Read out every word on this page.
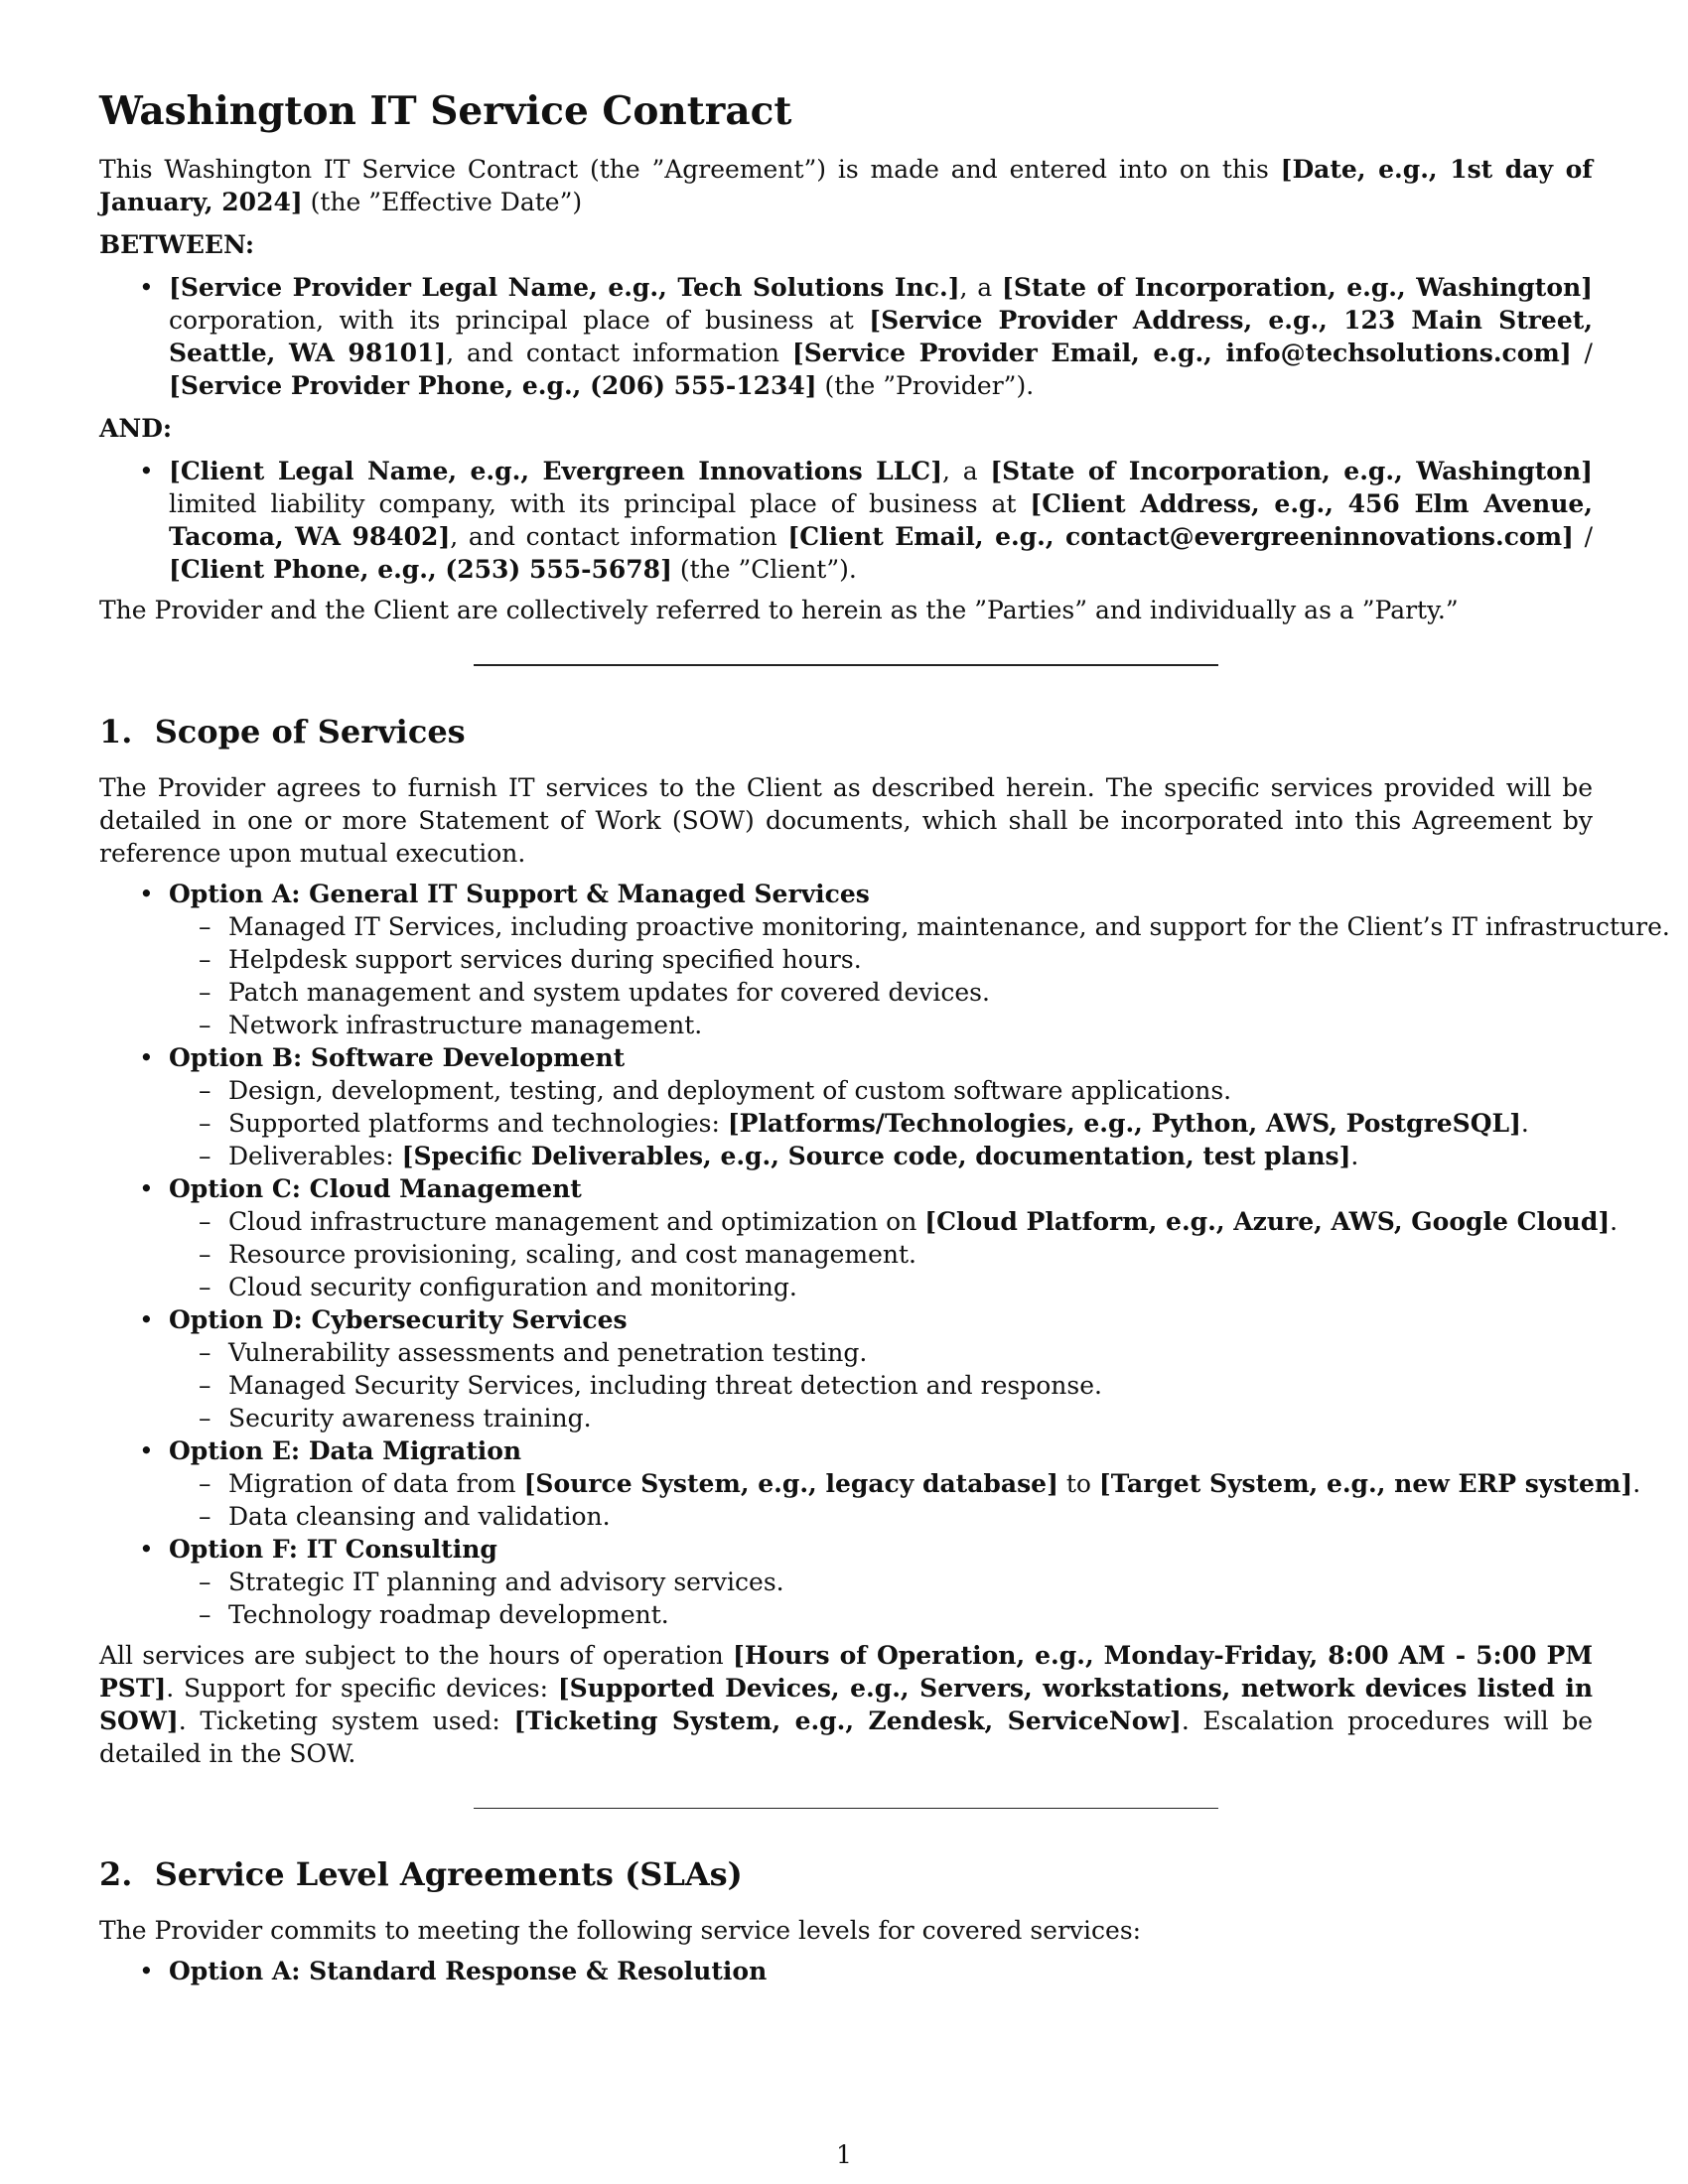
Washington IT Service Contract

This Washington IT Service Contract (the ”Agreement”) is made and entered into on this [Date, e.g., 1st day of January, 2024] (the ”Effective Date”)

BETWEEN:
• [Service Provider Legal Name, e.g., Tech Solutions Inc.], a [State of Incorporation, e.g., Washington] corporation, with its principal place of business at [Service Provider Address, e.g., 123 Main Street, Seattle, WA 98101], and contact information [Service Provider Email, e.g., info@techsolutions.com] / [Service Provider Phone, e.g., (206) 555-1234] (the ”Provider”).
AND:
• [Client Legal Name, e.g., Evergreen Innovations LLC], a [State of Incorporation, e.g., Washington] limited liability company, with its principal place of business at [Client Address, e.g., 456 Elm Avenue, Tacoma, WA 98402], and contact information [Client Email, e.g., contact@evergreeninnovations.com] / [Client Phone, e.g., (253) 555-5678] (the ”Client”).

The Provider and the Client are collectively referred to herein as the ”Parties” and individually as a ”Party.”

1.  Scope of Services

The Provider agrees to furnish IT services to the Client as described herein. The specific services provided will be detailed in one or more Statement of Work (SOW) documents, which shall be incorporated into this Agreement by reference upon mutual execution.

• Option A: General IT Support & Managed Services
– Managed IT Services, including proactive monitoring, maintenance, and support for the Client’s IT infrastructure.
– Helpdesk support services during specified hours.
– Patch management and system updates for covered devices.
– Network infrastructure management.
• Option B: Software Development
– Design, development, testing, and deployment of custom software applications.
– Supported platforms and technologies: [Platforms/Technologies, e.g., Python, AWS, PostgreSQL].
– Deliverables: [Specific Deliverables, e.g., Source code, documentation, test plans].
• Option C: Cloud Management
– Cloud infrastructure management and optimization on [Cloud Platform, e.g., Azure, AWS, Google Cloud].
– Resource provisioning, scaling, and cost management.
– Cloud security configuration and monitoring.
• Option D: Cybersecurity Services
– Vulnerability assessments and penetration testing.
– Managed Security Services, including threat detection and response.
– Security awareness training.
• Option E: Data Migration
– Migration of data from [Source System, e.g., legacy database] to [Target System, e.g., new ERP system].
– Data cleansing and validation.
• Option F: IT Consulting
– Strategic IT planning and advisory services.
– Technology roadmap development.

All services are subject to the hours of operation [Hours of Operation, e.g., Monday-Friday, 8:00 AM - 5:00 PM PST]. Support for specific devices: [Supported Devices, e.g., Servers, workstations, network devices listed in SOW]. Ticketing system used: [Ticketing System, e.g., Zendesk, ServiceNow]. Escalation procedures will be detailed in the SOW.

2.  Service Level Agreements (SLAs)

The Provider commits to meeting the following service levels for covered services:

• Option A: Standard Response & Resolution
1
